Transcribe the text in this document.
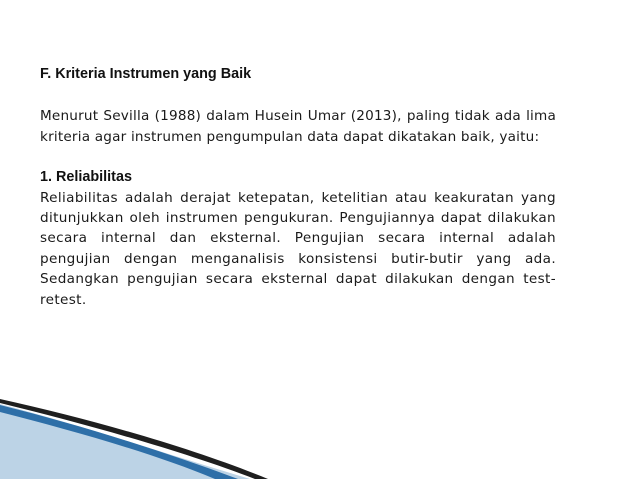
F. Kriteria Instrumen yang Baik

Menurut Sevilla (1988) dalam Husein Umar (2013), paling tidak ada lima kriteria agar instrumen pengumpulan data dapat dikatakan baik, yaitu:

1. Reliabilitas

Reliabilitas adalah derajat ketepatan, ketelitian atau keakuratan yang ditunjukkan oleh instrumen pengukuran. Pengujiannya dapat dilakukan secara internal dan eksternal. Pengujian secara internal adalah pengujian dengan menganalisis konsistensi butir-butir yang ada. Sedangkan pengujian secara eksternal dapat dilakukan dengan test-retest.
